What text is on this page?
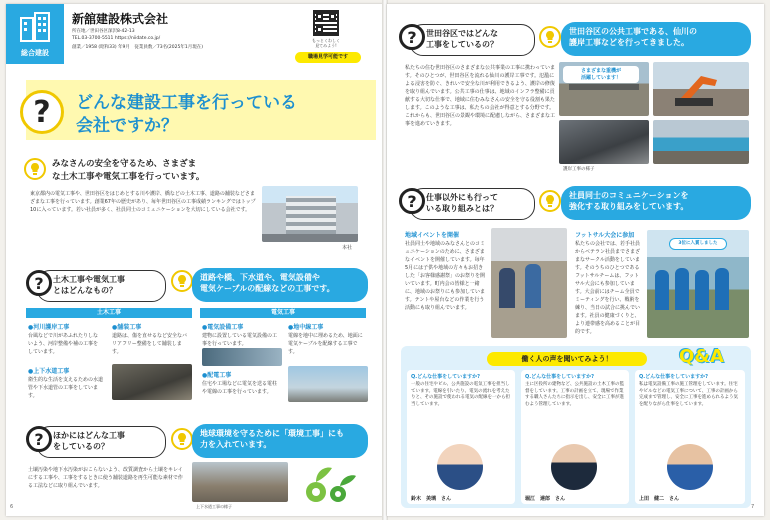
総合建設
新舘建設株式会社
所在地／世田谷区深沢8-42-13
TEL.03-3700-5511 https://niidate.co.jp/
創業／1958 (昭和33) 年9月　従業員数／73名(2025年1月現在)
もっとくわしく
見てみよう!
職場見学可能です
?	どんな建設工事を行っている
会社ですか？
みなさんの安全を守るため、さまざま
な土木工事や電気工事を行っています。
東京都内の電気工事や、世田谷区をはじめとする川や護岸、橋などの土木工事、道路の舗装などさまざまな工事を行っています。創業67年の歴史があり、毎年世田谷区の工事成績ランキングではトップ10に入っています。若い社員が多く、社員同士のコミュニケーションを大切にしている会社です。
本社
土木工事や電気工事
とはどんなもの？
?	道路や橋、下水道や、電気設備や
電気ケーブルの配線などの工事です。
土木工事
●河川護岸工事
台風などで川があふれたりしないよう、河岸整備や補の工事をしています。
●舗装工事
道路は、傷を直せるなど安全なバリアフリー整備をして舗装します。
●上下水道工事
衛生的な生活を支えるための水道管や下水道管の工事をしています。
電気工事
●電気設備工事
建物に設置している電気設備の工事を行っています。
●地中線工事
電線を地中に埋めるため、地面に電気ケーブルを配線する工事です。
●配電工事
住宅や工場などに電気を送る電柱や電線の工事を行っています。
ほかにはどんな工事
をしているの？
?	地球環境を守るために「環境工事」にも
力を入れています。
土壌汚染や地下水汚染がおこらないよう、改質調査から土壌をキレイにする工事や、工事をするときに使う舗装道路を再生可能な素材で作る工法などに取り組んでいます。
上下水道工事の様子
6
世田谷区ではどんな
工事をしているの？
?	世田谷区の公共工事である、仙川の
護岸工事などを行ってきました。
私たちの住む世田谷区のさまざまな公共事業の工事に携わっています。そのひとつが、世田谷区を流れる仙川の護岸工事です。氾濫による浸害を防ぐ、きれいで安全な川が利用できるよう、護岸の修復を取り組んでいます。公共工事の仕事は、地域のインフラ整備に貢献する大切な仕事で、地域に住むみなさんの安全を守る役割も果たします。このような工事は、私たちの会社が得意とする分野です。これからも、世田谷区の景観や環境に配慮しながら、さまざまな工事を進めていきます。
さまざまな重機が
活躍しています！
護岸工事の様子
仕事以外にも行って
いる取り組みとは？
?	社員同士のコミュニケーションを
強化する取り組みをしています。
地域イベントを開催
社員同士や地域のみなさんとのコミュニケーションのために、さまざまなイベントを開催しています。毎年5月には子供や地域の方々もお招きした「お客様感謝祭」のお祭りを開いています。町内会の皆様と一緒に、地域のお祭りにも参加しています。テントや屋台などの作業を行う活動にも取り組んでいます。
フットサル大会に参加
私たちの会社では、若手社員からベテラン社員までさまざまなサークル活動をしています。そのうちのひとつであるフットサルチームは、フットサル大会にも参加しています。大会前にはチーム全員でミーティングを行い、戦術を練り、当日の試合に挑んでいます。社員の健康づくりと、より連帯感を高めることが目的です。
3位に入賞しました
働く人の声を聞いてみよう！	Q&A
Q.どんな仕事をしていますか?
一般の住宅やビル、公共施設の電気工事を担当しています。電線を引いたり、電気の流れを考えたりと、その施設で使われる電気の配線を一から担当しています。
鈴木　美璃　さん
Q.どんな仕事をしていますか?
主に区役所の建物など、公共施設の土木工事の監督をしています。工事の計画を立て、現場で作業する職人さんたちに指示を出し、安全に工事が進むよう管理しています。
堀江　達郎　さん
Q.どんな仕事をしていますか?
私は電気設備工事の施工管理をしています。住宅やビルなどの電気工事について、工事の計画から完成まで管理し、安全に工事を進められるよう気を配りながら仕事をしています。
上田　健二　さん
7
